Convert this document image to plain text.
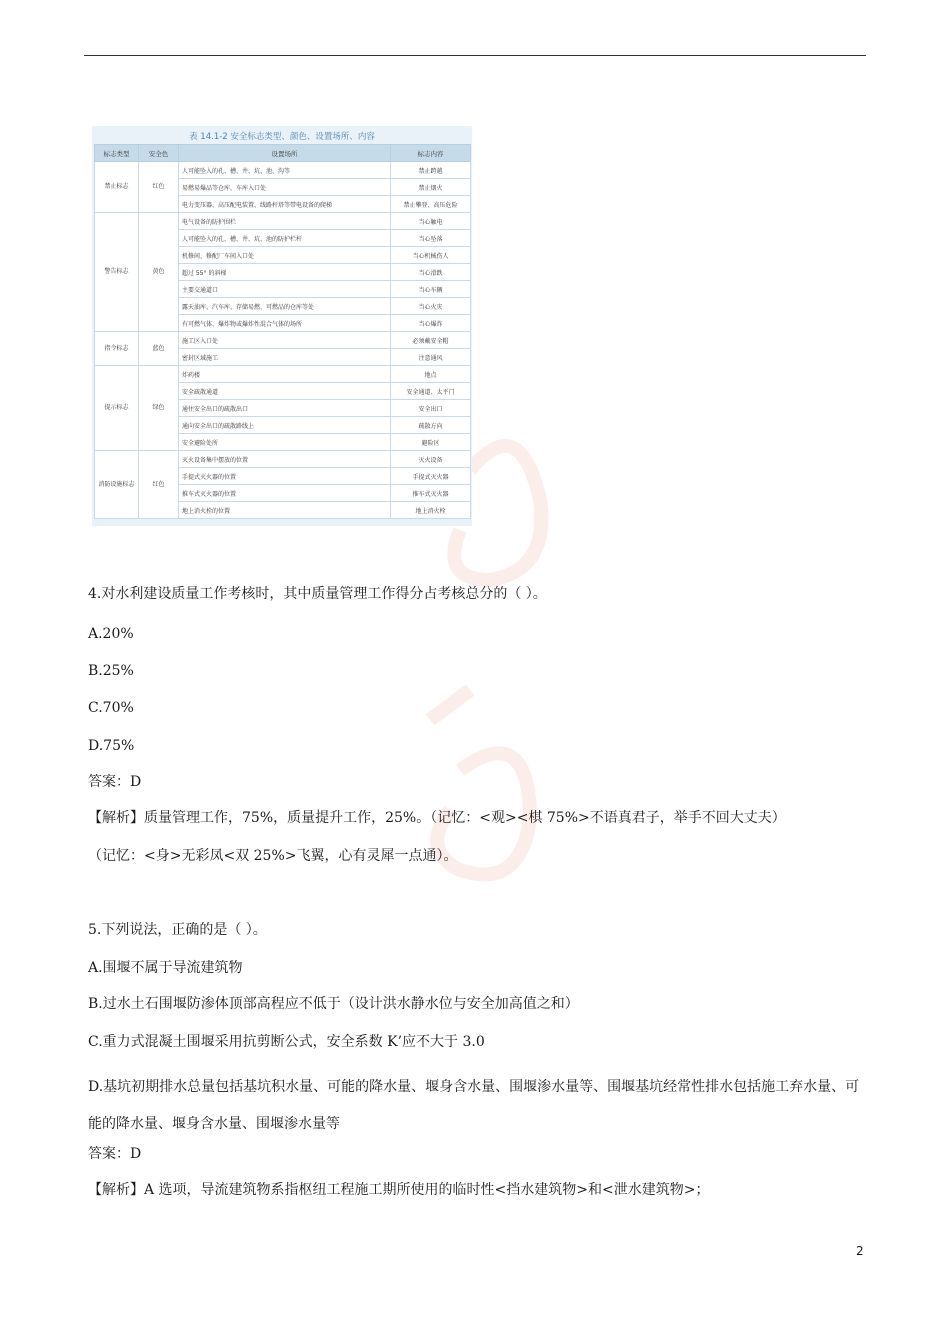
表 14.1-2 安全标志类型、颜色、设置场所、内容
标志类型	安全色	设置场所	标志内容
禁止标志	红色	人可能坠入的孔、槽、井、坑、池、沟等	禁止跨越
		易燃易爆品等仓库、车库入口处	禁止烟火
		电力变压器、高压配电装置、线路杆塔等带电设备的爬梯	禁止攀登、高压危险
警告标志	黄色	电气设备的防护围栏	当心触电
		人可能坠入的孔、槽、井、坑、池的防护栏杆	当心坠落
		机修间、修配厂车间入口处	当心机械伤人
		超过 55° 的斜梯	当心滑跌
		主要交通道口	当心车辆
		露天油库、汽车库、存储易燃、可燃品的仓库等处	当心火灾
		有可燃气体、爆炸物或爆炸性混合气体的场所	当心爆炸
指令标志	蓝色	施工区入口处	必须戴安全帽
		密封区域施工	注意通风
提示标志	绿色	炸药楼	地点
		安全疏散通道	安全通道、太平门
		通往安全出口的疏散出口	安全出口
		通向安全出口的疏散路线上	疏散方向
		安全避险处所	避险区
消防设施标志	红色	灭火设备集中摆放的位置	灭火设备
		手提式灭火器的位置	手提式灭火器
		推车式灭火器的位置	推车式灭火器
		地上消火栓的位置	地上消火栓
4.对水利建设质量工作考核时，其中质量管理工作得分占考核总分的（ ）。
A.20%
B.25%
C.70%
D.75%
答案：D
【解析】质量管理工作，75%，质量提升工作，25%。（记忆：<观><棋 75%>不语真君子，举手不回大丈夫）
（记忆：<身>无彩凤<双 25%>飞翼，心有灵犀一点通）。
5.下列说法，正确的是（ ）。
A.围堰不属于导流建筑物
B.过水土石围堰防渗体顶部高程应不低于（设计洪水静水位与安全加高值之和）
C.重力式混凝土围堰采用抗剪断公式，安全系数 K’应不大于 3.0
D.基坑初期排水总量包括基坑积水量、可能的降水量、堰身含水量、围堰渗水量等、围堰基坑经常性排水包括施工弃水量、可能的降水量、堰身含水量、围堰渗水量等
答案：D
【解析】A 选项，导流建筑物系指枢纽工程施工期所使用的临时性<挡水建筑物>和<泄水建筑物>；
2
